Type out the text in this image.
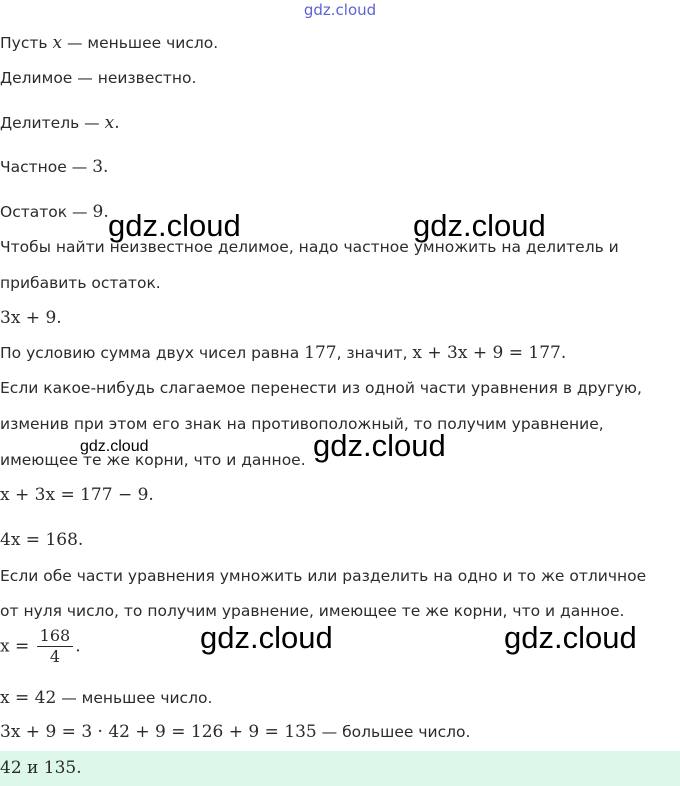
gdz.cloud
Пусть x — меньшее число.
Делимое — неизвестно.
Делитель — x.
Частное — 3.
Остаток — 9.
Чтобы найти неизвестное делимое, надо частное умножить на делитель и
прибавить остаток.
3x + 9.
По условию сумма двух чисел равна 177, значит, x + 3x + 9 = 177.
Если какое-нибудь слагаемое перенести из одной части уравнения в другую,
изменив при этом его знак на противоположный, то получим уравнение,
имеющее те же корни, что и данное.
x + 3x = 177 − 9.
4x = 168.
Если обе части уравнения умножить или разделить на одно и то же отличное
от нуля число, то получим уравнение, имеющее те же корни, что и данное.
$x = \frac{168}{4}$ .
x = 42 — меньшее число.
3x + 9 = 3 · 42 + 9 = 126 + 9 = 135 — большее число.
42 и 135.
gdz.cloud	gdz.cloud
gdz.cloud	gdz.cloud
gdz.cloud	gdz.cloud
